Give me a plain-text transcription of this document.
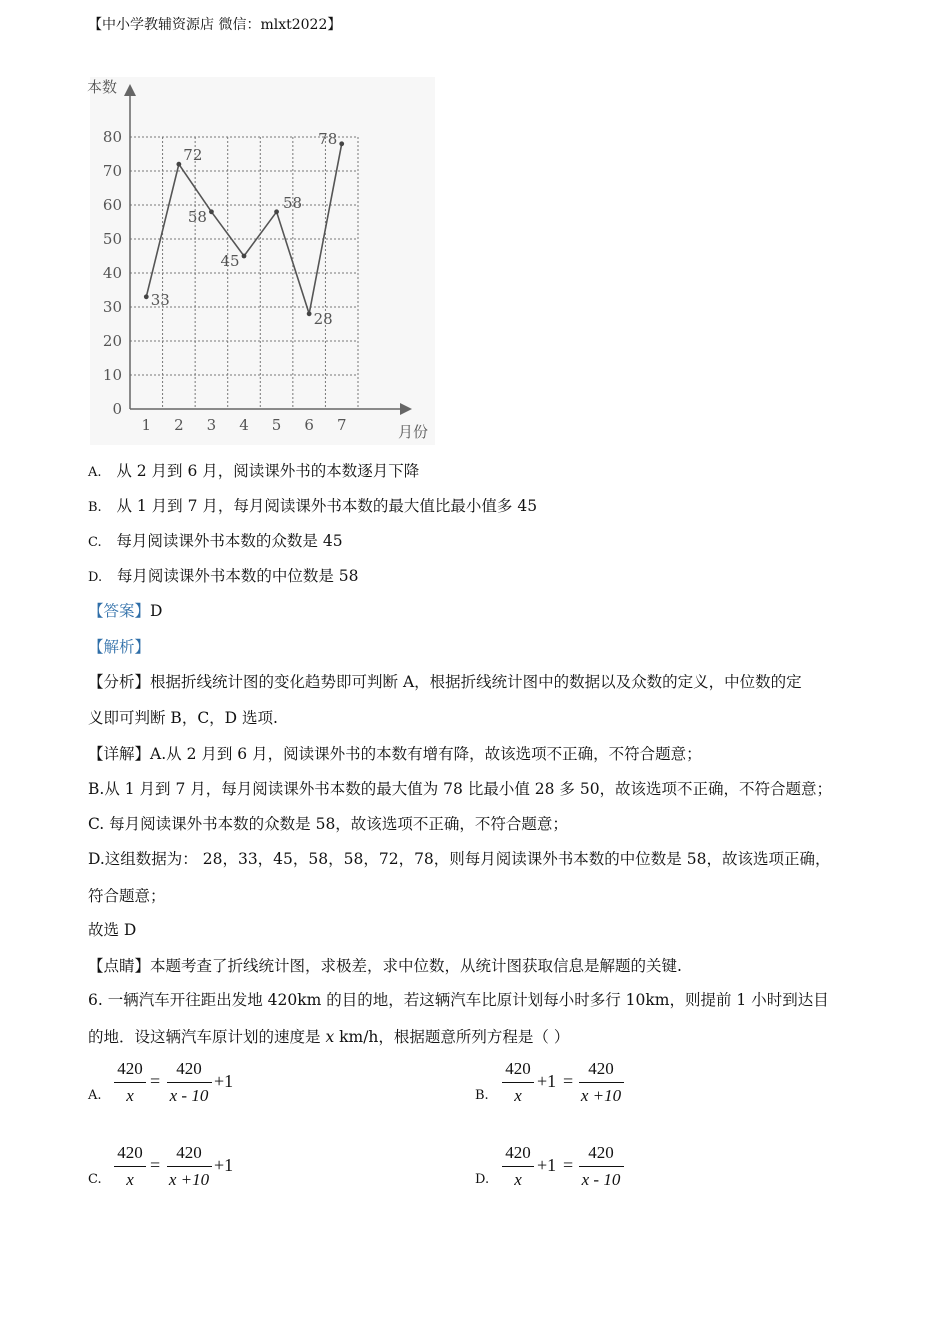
【中小学教辅资源店 微信：mlxt2022】
本数
月份
0
10
20
30
40
50
60
70
80
1 2 3 4 5 6 7
33
72
58
45
58
28
78
A. 从 2 月到 6 月，阅读课外书的本数逐月下降
B. 从 1 月到 7 月，每月阅读课外书本数的最大值比最小值多 45
C. 每月阅读课外书本数的众数是 45
D. 每月阅读课外书本数的中位数是 58
【答案】D
【解析】
【分析】根据折线统计图的变化趋势即可判断 A，根据折线统计图中的数据以及众数的定义，中位数的定
义即可判断 B，C，D 选项.
【详解】A.从 2 月到 6 月，阅读课外书的本数有增有降，故该选项不正确，不符合题意；
B.从 1 月到 7 月，每月阅读课外书本数的最大值为 78 比最小值 28 多 50，故该选项不正确，不符合题意；
C. 每月阅读课外书本数的众数是 58，故该选项不正确，不符合题意；
D.这组数据为： 28，33，45，58，58，72，78，则每月阅读课外书本数的中位数是 58，故该选项正确，
符合题意；
故选 D
【点睛】本题考查了折线统计图，求极差，求中位数，从统计图获取信息是解题的关键.
6. 一辆汽车开往距出发地 420km 的目的地，若这辆汽车比原计划每小时多行 10km，则提前 1 小时到达目
的地．设这辆汽车原计划的速度是 x km/h，根据题意所列方程是（ ）
A.
420
x
=
420
x - 10
+1
B.
420
x
+1 =
420
x +10
C.
420
x
=
420
x +10
+1
D.
420
x
+1 =
420
x - 10
